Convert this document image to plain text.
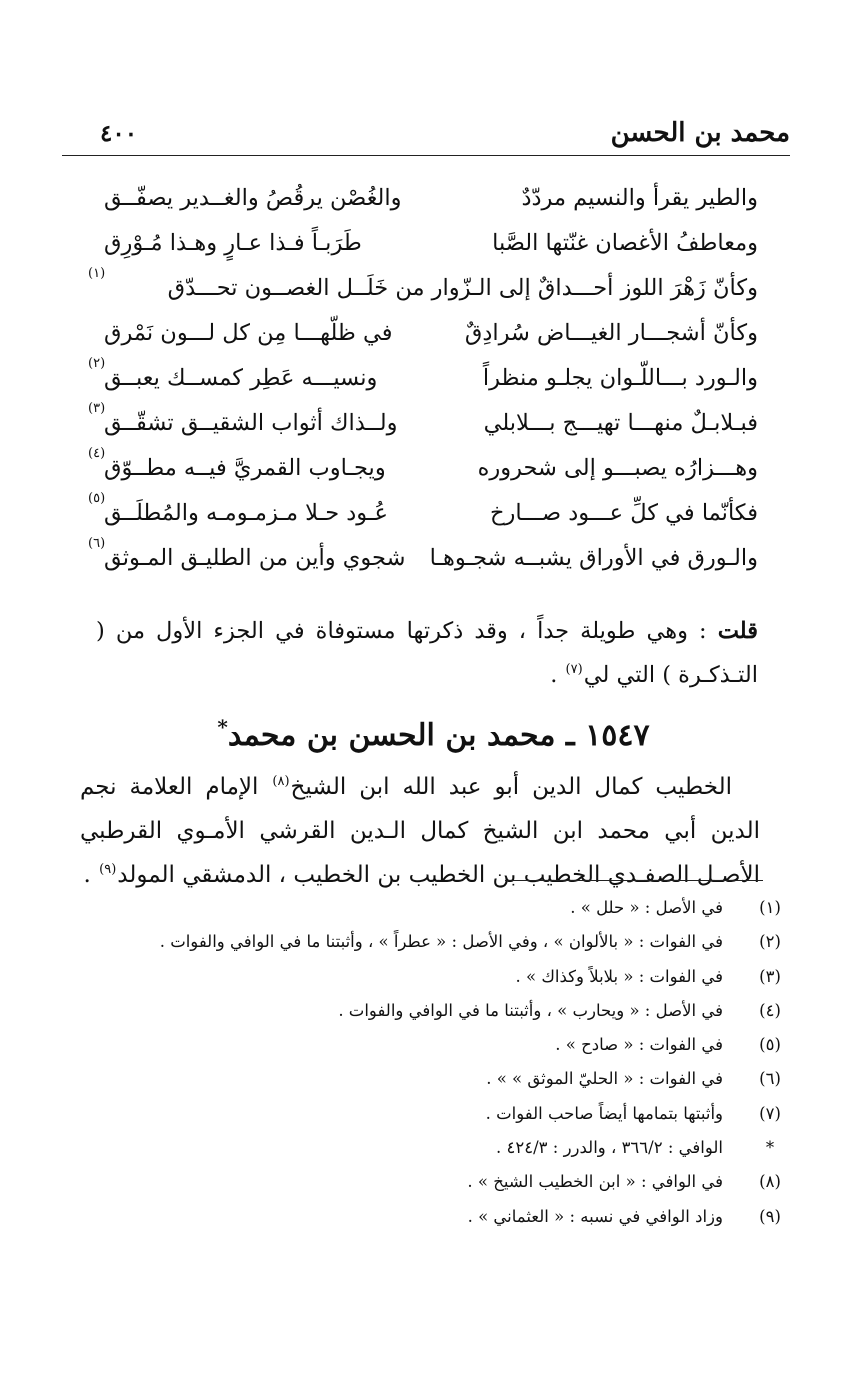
محمد بن الحسن
٤٠٠
والطير يقرأ والنسيم مردّدٌ
والغُصْن يرقُصُ والغــدير يصفّــق
ومعاطفُ الأغصان غنّتها الصَّبا
طَرَبـاً فـذا عـارٍ وهـذا مُـوْرِق
وكأنّ زَهْرَ اللوز أحـــداقٌ إلى الـزّوار من خَلَــل الغصــون تحـــدّق
(١)
وكأنّ أشجـــار الغيـــاض سُرادِقٌ
في ظلّهـــا مِن كل لـــون نَمْرق
والـورد بـــاللّـوان يجلـو منظراً
ونسيـــه عَطِر كمســك يعبــق
(٢)
فبـلابـلٌ منهـــا تهيـــج بـــلابلي
ولــذاك أثواب الشقيــق تشقّــق
(٣)
وهـــزارُه يصبـــو إلى شحروره
ويجـاوب القمريَّ فيــه مطــوّق
(٤)
فكأنّما في كلِّ عـــود صـــارخ
عُـود حـلا مـزمـومـه والمُطلَــق
(٥)
والـورق في الأوراق يشبــه شجـوهـا
شجوي وأين من الطليـق المـوثق
(٦)

قلت : وهي طويلة جداً ، وقد ذكرتها مستوفاة في الجزء الأول من ( التـذكـرة ) التي لي$^{(٧)}$ .

١٥٤٧ ـ محمد بن الحسن بن محمد*

الخطيب كمال الدين أبو عبد الله ابن الشيخ$^{(٨)}$ الإمام العلامة نجم الدين أبي محمد ابن الشيخ كمال الـدين القرشي الأمـوي القرطبي الأصـل الصفـدي الخطيب بن الخطيب بن الخطيب ، الدمشقي المولد$^{(٩)}$ .

(١)
في الأصل : « حلل » .
(٢)
في الفوات : « بالألوان » ، وفي الأصل : « عطراً » ، وأثبتنا ما في الوافي والفوات .
(٣)
في الفوات : « بلابلاً وكذاك » .
(٤)
في الأصل : « ويحارب » ، وأثبتنا ما في الوافي والفوات .
(٥)
في الفوات : « صادح » .
(٦)
في الفوات : « الحليّ الموثق » » .
(٧)
وأثبتها بتمامها أيضاً صاحب الفوات .
*
الوافي : ٣٦٦/٢ ، والدرر : ٤٢٤/٣ .
(٨)
في الوافي : « ابن الخطيب الشيخ » .
(٩)
وزاد الوافي في نسبه : « العثماني » .
